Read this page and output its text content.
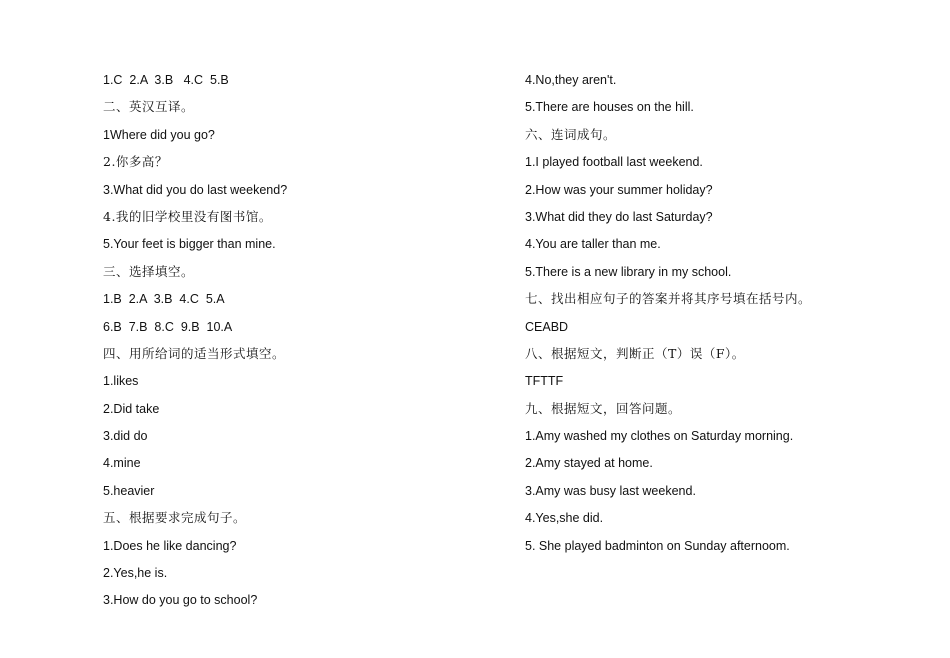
1.C  2.A  3.B   4.C  5.B
二、英汉互译。
1Where did you go?
2.你多高？
3.What did you do last weekend?
4.我的旧学校里没有图书馆。
5.Your feet is bigger than mine.
三、选择填空。
1.B  2.A  3.B  4.C  5.A
6.B  7.B  8.C  9.B  10.A
四、用所给词的适当形式填空。
1.likes
2.Did take
3.did do
4.mine
5.heavier
五、根据要求完成句子。
1.Does he like dancing?
2.Yes,he is.
3.How do you go to school?
4.No,they aren't.
5.There are houses on the hill.
六、连词成句。
1.I played football last weekend.
2.How was your summer holiday?
3.What did they do last Saturday?
4.You are taller than me.
5.There is a new library in my school.
七、找出相应句子的答案并将其序号填在括号内。
CEABD
八、根据短文，判断正（T）误（F）。
TFTTF
九、根据短文，回答问题。
1.Amy washed my clothes on Saturday morning.
2.Amy stayed at home.
3.Amy was busy last weekend.
4.Yes,she did.
5. She played badminton on Sunday afternoom.
